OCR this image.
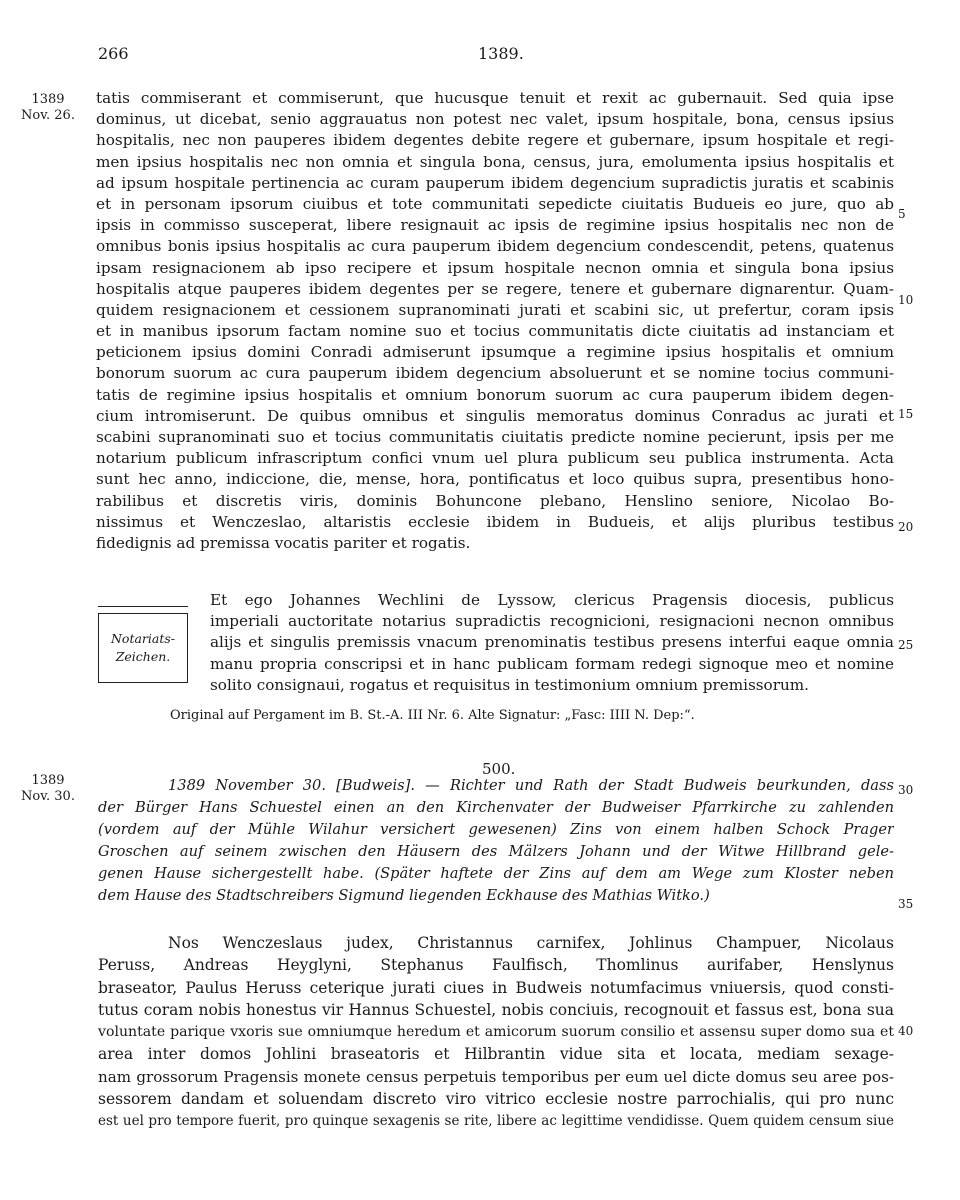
266	1389.
1389
Nov. 26.
1389
Nov. 30.
tatis commiserant et commiserunt, que hucusque tenuit et rexit ac gubernauit. Sed quia ipse
dominus, ut dicebat, senio aggrauatus non potest nec valet, ipsum hospitale, bona, census ipsius
hospitalis, nec non pauperes ibidem degentes debite regere et gubernare, ipsum hospitale et regi-
men ipsius hospitalis nec non omnia et singula bona, census, jura, emolumenta ipsius hospitalis et
ad ipsum hospitale pertinencia ac curam pauperum ibidem degencium supradictis juratis et scabinis
et in personam ipsorum ciuibus et tote communitati sepedicte ciuitatis Budueis eo jure, quo ab
ipsis in commisso susceperat, libere resignauit ac ipsis de regimine ipsius hospitalis nec non de
omnibus bonis ipsius hospitalis ac cura pauperum ibidem degencium condescendit, petens, quatenus
ipsam resignacionem ab ipso recipere et ipsum hospitale necnon omnia et singula bona ipsius
hospitalis atque pauperes ibidem degentes per se regere, tenere et gubernare dignarentur. Quam-
quidem resignacionem et cessionem supranominati jurati et scabini sic, ut prefertur, coram ipsis
et in manibus ipsorum factam nomine suo et tocius communitatis dicte ciuitatis ad instanciam et
peticionem ipsius domini Conradi admiserunt ipsumque a regimine ipsius hospitalis et omnium
bonorum suorum ac cura pauperum ibidem degencium absoluerunt et se nomine tocius communi-
tatis de regimine ipsius hospitalis et omnium bonorum suorum ac cura pauperum ibidem degen-
cium intromiserunt. De quibus omnibus et singulis memoratus dominus Conradus ac jurati et
scabini supranominati suo et tocius communitatis ciuitatis predicte nomine pecierunt, ipsis per me
notarium publicum infrascriptum confici vnum uel plura publicum seu publica instrumenta. Acta
sunt hec anno, indiccione, die, mense, hora, pontificatus et loco quibus supra, presentibus hono-
rabilibus et discretis viris, dominis Bohuncone plebano, Henslino seniore, Nicolao Bo-
nissimus et Wenczeslao, altaristis ecclesie ibidem in Budueis, et alijs pluribus testibus
fidedignis ad premissa vocatis pariter et rogatis.
Notariats-
Zeichen.
Et ego Johannes Wechlini de Lyssow, clericus Pragensis diocesis, publicus
imperiali auctoritate notarius supradictis recognicioni, resignacioni necnon omnibus
alijs et singulis premissis vnacum prenominatis testibus presens interfui eaque omnia
manu propria conscripsi et in hanc publicam formam redegi signoque meo et nomine
solito consignaui, rogatus et requisitus in testimonium omnium premissorum.
Original auf Pergament im B. St.-A. III Nr. 6. Alte Signatur: „Fasc: IIII N. Dep:“.
500.
1389 November 30. [Budweis]. — Richter und Rath der Stadt Budweis beurkunden, dass
der Bürger Hans Schuestel einen an den Kirchenvater der Budweiser Pfarrkirche zu zahlenden
(vordem auf der Mühle Wilahur versichert gewesenen) Zins von einem halben Schock Prager
Groschen auf seinem zwischen den Häusern des Mälzers Johann und der Witwe Hillbrand gele-
genen Hause sichergestellt habe. (Später haftete der Zins auf dem am Wege zum Kloster neben
dem Hause des Stadtschreibers Sigmund liegenden Eckhause des Mathias Witko.)
Nos Wenczeslaus judex, Christannus carnifex, Johlinus Champuer, Nicolaus
Peruss, Andreas Heyglyni, Stephanus Faulfisch, Thomlinus aurifaber, Henslynus
braseator, Paulus Heruss ceterique jurati ciues in Budweis notumfacimus vniuersis, quod consti-
tutus coram nobis honestus vir Hannus Schuestel, nobis conciuis, recognouit et fassus est, bona sua
voluntate parique vxoris sue omniumque heredum et amicorum suorum consilio et assensu super domo sua et
area inter domos Johlini braseatoris et Hilbrantin vidue sita et locata, mediam sexage-
nam grossorum Pragensis monete census perpetuis temporibus per eum uel dicte domus seu aree pos-
sessorem dandam et soluendam discreto viro vitrico ecclesie nostre parrochialis, qui pro nunc
est uel pro tempore fuerit, pro quinque sexagenis se rite, libere ac legittime vendidisse. Quem quidem censum siue
5
10
15
20
25
30
35
40
